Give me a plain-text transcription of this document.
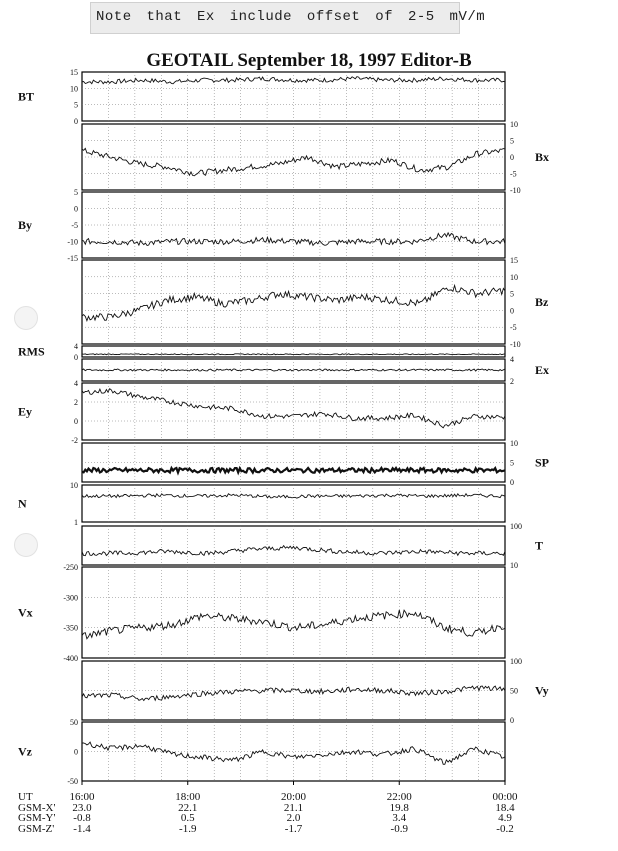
Note that Ex include offset of 2-5 mV/m
GEOTAIL September 18, 1997 Editor-B
15
10
5
0
BT
10
5
0
-5
-10
Bx
5
0
-5
-10
-15
By
15
10
5
0
-5
-10
Bz
4
0
RMS
4
2
Ex
4
2
0
-2
Ey
10
5
0
SP
10
1
N
100
10
T
-250
-300
-350
-400
Vx
100
50
0
Vy
50
0
-50
Vz
UT	16:00	18:00	20:00	22:00	00:00
GSM-X'	23.0	22.1	21.1	19.8	18.4
GSM-Y'	-0.8	0.5	2.0	3.4	4.9
GSM-Z'	-1.4	-1.9	-1.7	-0.9	-0.2
